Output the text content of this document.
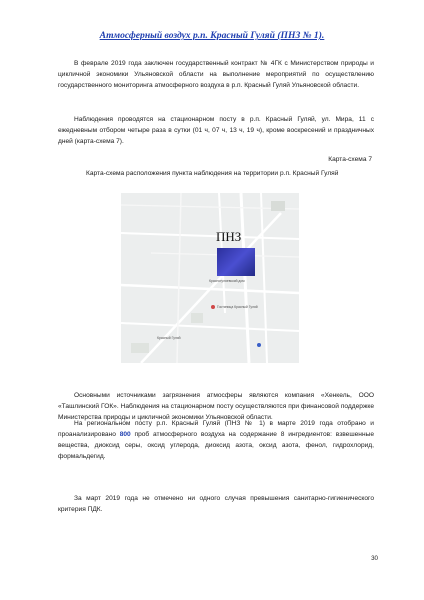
Атмосферный воздух р.п. Красный Гуляй (ПНЗ № 1).
В феврале 2019 года заключен государственный контракт № 4ГК с Министерством природы и цикличной экономики Ульяновской области на выполнение мероприятий по осуществлению государственного мониторинга атмосферного воздуха в р.п. Красный Гуляй Ульяновской области.
Наблюдения проводятся на стационарном посту в р.п. Красный Гуляй, ул. Мира, 11 с ежедневным отбором четыре раза в сутки (01 ч, 07 ч, 13 ч, 19 ч), кроме воскресений и праздничных дней (карта-схема 7).
Карта-схема 7
Карта-схема расположения пункта наблюдения на территории р.п. Красный Гуляй
ПНЗ
Красногуляевский дом
Гостиница Красный Гуляй
Красный Гуляй
Основными источниками загрязнения атмосферы являются компания «Хенкель, ООО «Ташлинский ГОК». Наблюдения на стационарном посту осуществляются при финансовой поддержке Министерства природы и цикличной экономики Ульяновской области.
На региональном посту р.п. Красный Гуляй (ПНЗ № 1) в марте 2019 года отобрано и проанализировано 800 проб атмосферного воздуха на содержание 8 ингредиентов: взвешенные вещества, диоксид серы, оксид углерода, диоксид азота, оксид азота, фенол, гидрохлорид, формальдегид.
За март 2019 года не отмечено ни одного случая превышения санитарно-гигиенического критерия ПДК.
30
